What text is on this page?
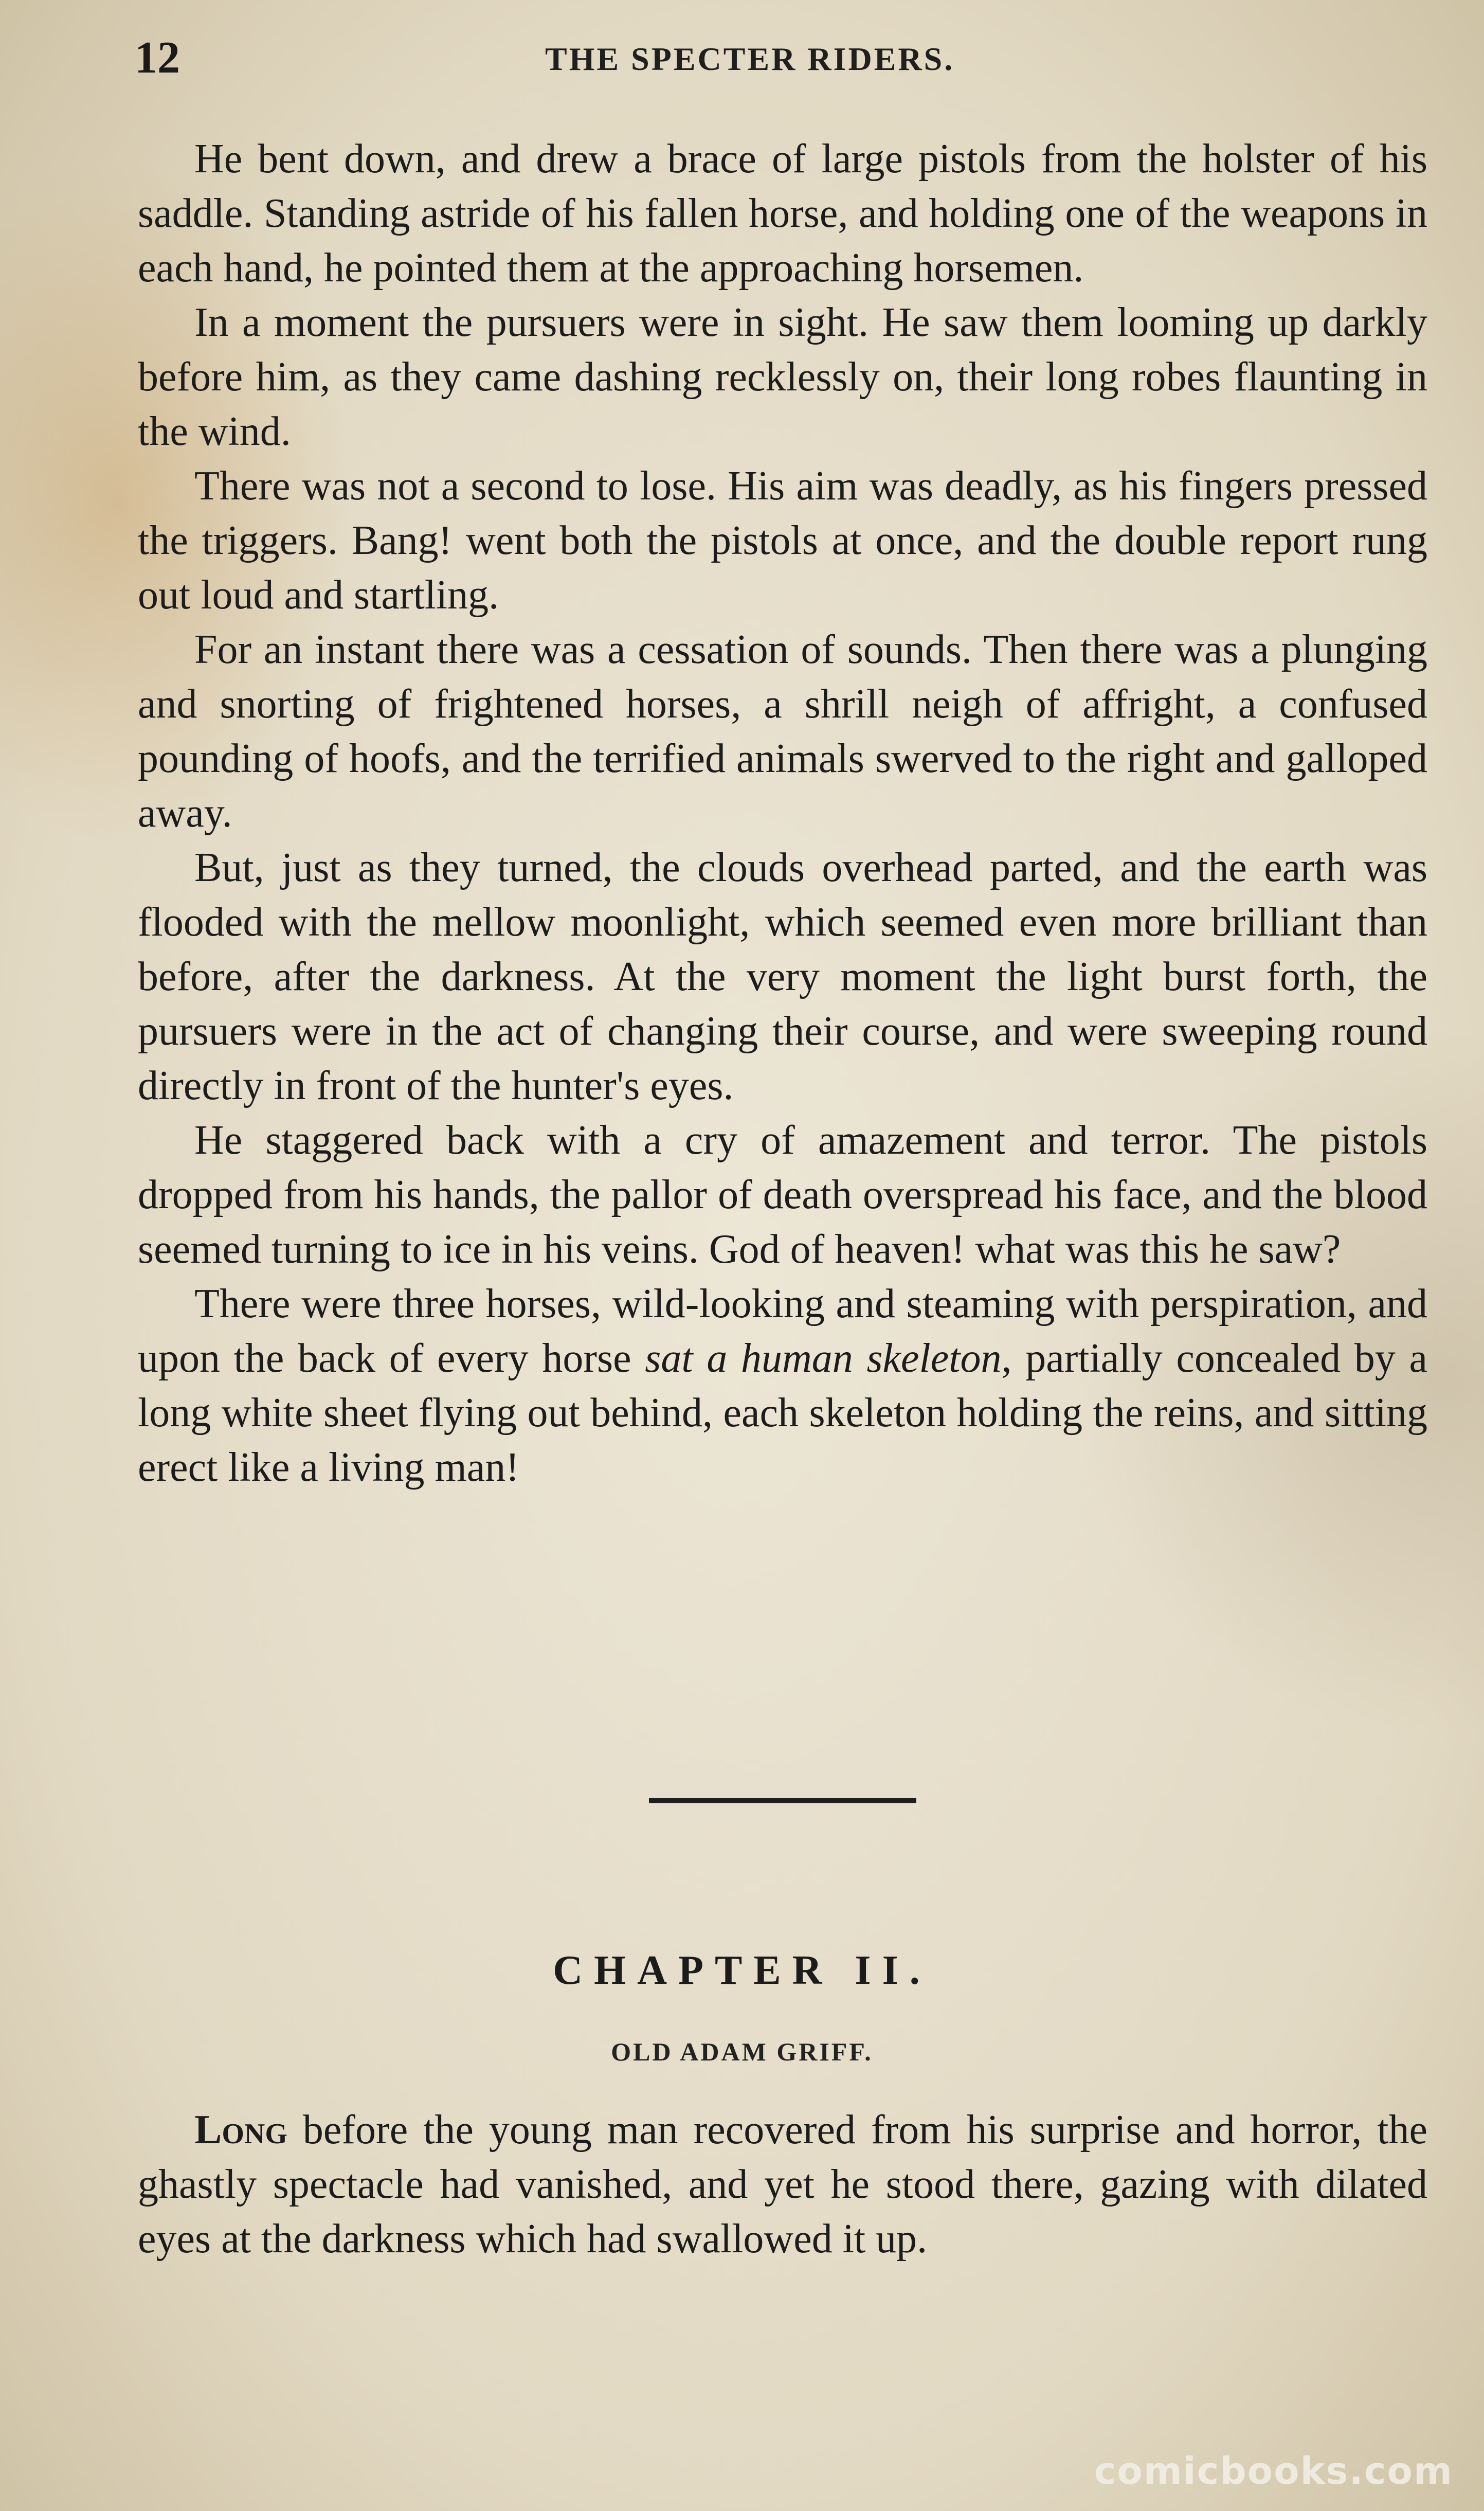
12	THE SPECTER RIDERS.

He bent down, and drew a brace of large pistols from the holster of his saddle. Standing astride of his fallen horse, and holding one of the weapons in each hand, he pointed them at the approaching horsemen.

In a moment the pursuers were in sight. He saw them looming up darkly before him, as they came dashing recklessly on, their long robes flaunting in the wind.

There was not a second to lose. His aim was deadly, as his fingers pressed the triggers. Bang! went both the pistols at once, and the double report rung out loud and startling.

For an instant there was a cessation of sounds. Then there was a plunging and snorting of frightened horses, a shrill neigh of affright, a confused pounding of hoofs, and the terrified animals swerved to the right and galloped away.

But, just as they turned, the clouds overhead parted, and the earth was flooded with the mellow moonlight, which seemed even more brilliant than before, after the darkness. At the very moment the light burst forth, the pursuers were in the act of changing their course, and were sweeping round directly in front of the hunter's eyes.

He staggered back with a cry of amazement and terror. The pistols dropped from his hands, the pallor of death overspread his face, and the blood seemed turning to ice in his veins. God of heaven! what was this he saw?

There were three horses, wild-looking and steaming with perspiration, and upon the back of every horse sat a human skeleton, partially concealed by a long white sheet flying out behind, each skeleton holding the reins, and sitting erect like a living man!

CHAPTER II.
OLD ADAM GRIFF.

Long before the young man recovered from his surprise and horror, the ghastly spectacle had vanished, and yet he stood there, gazing with dilated eyes at the darkness which had swallowed it up.

comicbooks.com
